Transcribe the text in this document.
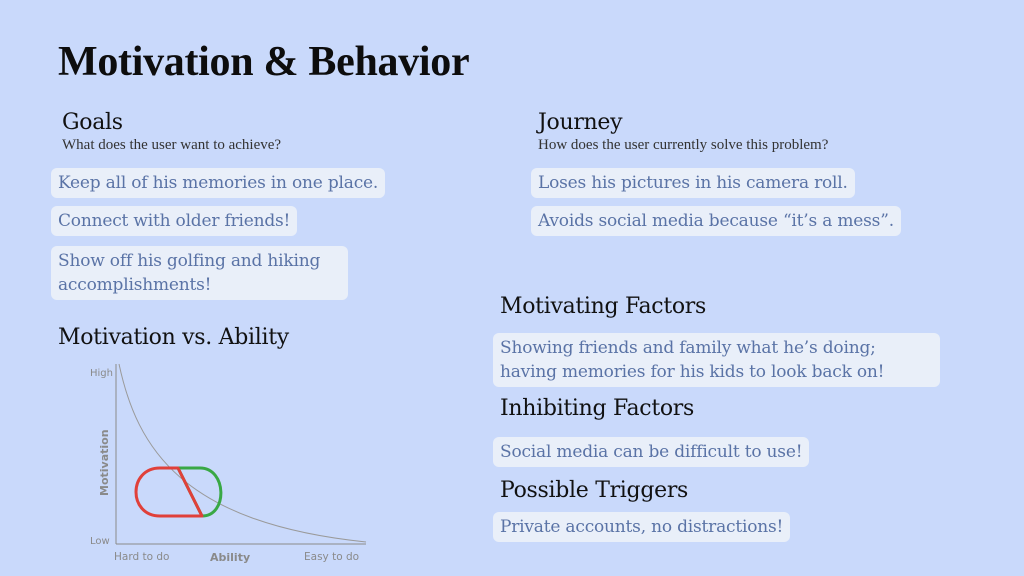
Motivation & Behavior
Goals
What does the user want to achieve?
Keep all of his memories in one place.
Connect with older friends!
Show off his golfing and hiking accomplishments!
Journey
How does the user currently solve this problem?
Loses his pictures in his camera roll.
Avoids social media because “it’s a mess”.
Motivating Factors
Showing friends and family what he’s doing; having memories for his kids to look back on!
Inhibiting Factors
Social media can be difficult to use!
Possible Triggers
Private accounts, no distractions!
Motivation vs. Ability
High
Low
Hard to do	Easy to do
Ability
Motivation
